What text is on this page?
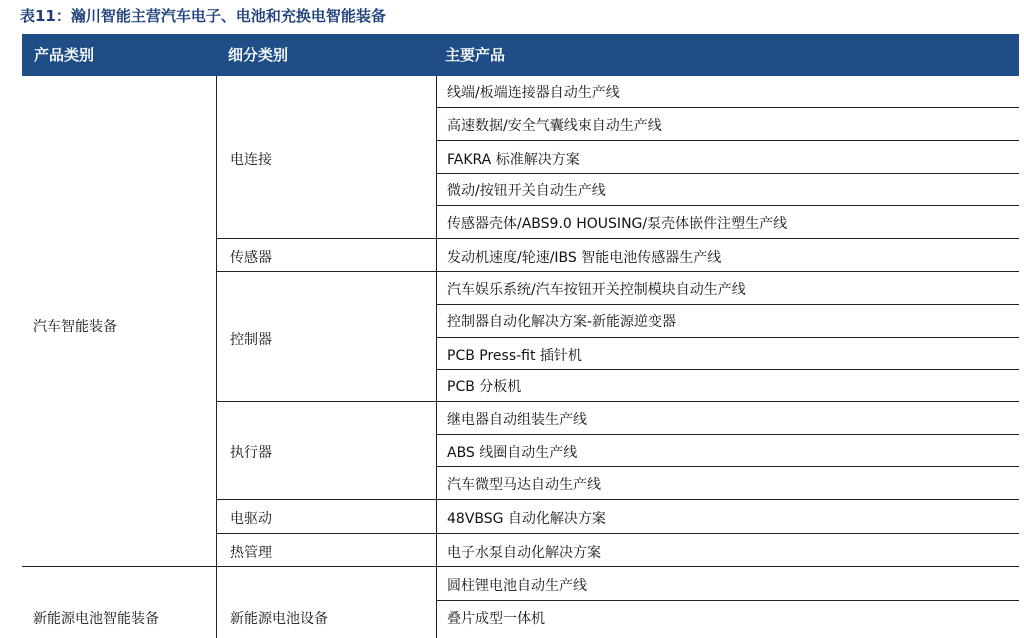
表11：瀚川智能主营汽车电子、电池和充换电智能装备
产品类别	细分类别	主要产品
汽车智能装备
新能源电池智能装备
电连接
传感器
控制器
执行器
电驱动
热管理
新能源电池设备
线端/板端连接器自动生产线
高速数据/安全气囊线束自动生产线
FAKRA 标准解决方案
微动/按钮开关自动生产线
传感器壳体/ABS9.0 HOUSING/泵壳体嵌件注塑生产线
发动机速度/轮速/IBS 智能电池传感器生产线
汽车娱乐系统/汽车按钮开关控制模块自动生产线
控制器自动化解决方案-新能源逆变器
PCB Press-fit 插针机
PCB 分板机
继电器自动组装生产线
ABS 线圈自动生产线
汽车微型马达自动生产线
48VBSG 自动化解决方案
电子水泵自动化解决方案
圆柱锂电池自动生产线
叠片成型一体机
